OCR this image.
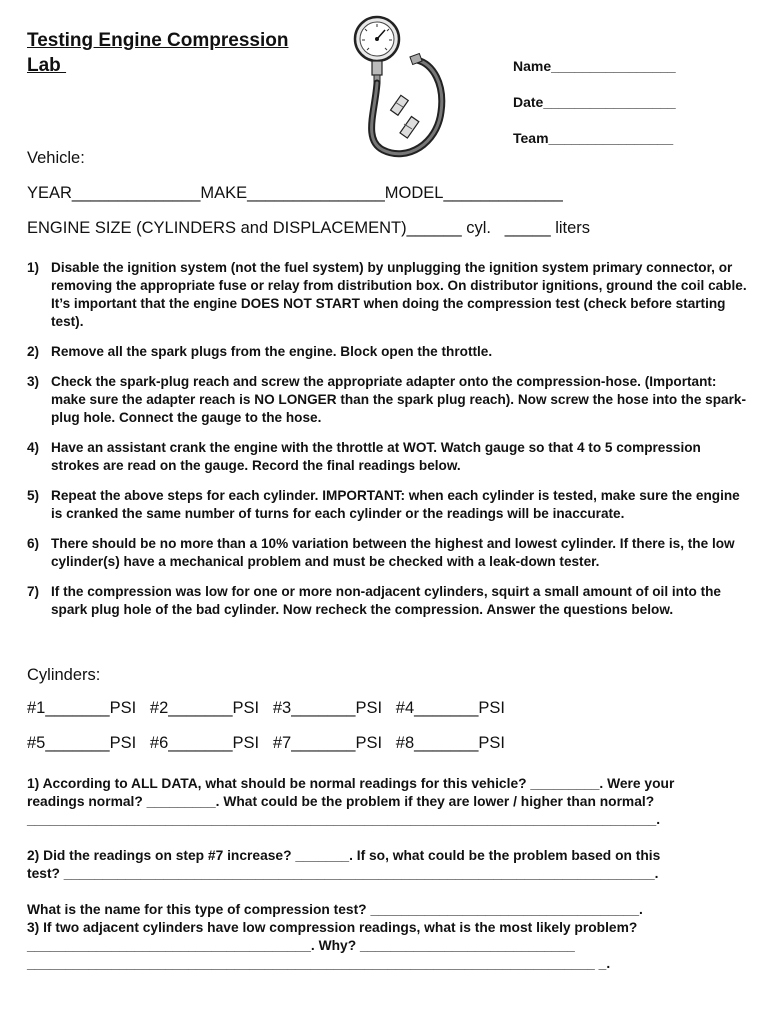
Testing Engine Compression
Lab	Name________________
Date_________________
Team________________
Vehicle:
YEAR______________MAKE_______________MODEL_____________
ENGINE SIZE (CYLINDERS and DISPLACEMENT)______ cyl.   _____ liters
1) Disable the ignition system (not the fuel system) by unplugging the ignition system primary connector, or removing the appropriate fuse or relay from distribution box. On distributor ignitions, ground the coil cable. It’s important that the engine DOES NOT START when doing the compression test (check before starting test).
2) Remove all the spark plugs from the engine. Block open the throttle.
3) Check the spark-plug reach and screw the appropriate adapter onto the compression-hose. (Important: make sure the adapter reach is NO LONGER than the spark plug reach). Now screw the hose into the spark-plug hole. Connect the gauge to the hose.
4) Have an assistant crank the engine with the throttle at WOT. Watch gauge so that 4 to 5 compression strokes are read on the gauge. Record the final readings below.
5) Repeat the above steps for each cylinder. IMPORTANT: when each cylinder is tested, make sure the engine is cranked the same number of turns for each cylinder or the readings will be inaccurate.
6) There should be no more than a 10% variation between the highest and lowest cylinder. If there is, the low cylinder(s) have a mechanical problem and must be checked with a leak-down tester.
7) If the compression was low for one or more non-adjacent cylinders, squirt a small amount of oil into the spark plug hole of the bad cylinder. Now recheck the compression. Answer the questions below.
Cylinders:
#1_______PSI   #2_______PSI   #3_______PSI   #4_______PSI
#5_______PSI   #6_______PSI   #7_______PSI   #8_______PSI
1) According to ALL DATA, what should be normal readings for this vehicle? _________. Were your
readings normal? _________. What could be the problem if they are lower / higher than normal?
__________________________________________________________________________________.
2) Did the readings on step #7 increase? _______. If so, what could be the problem based on this
test? _____________________________________________________________________________.
What is the name for this type of compression test? ___________________________________.
3) If two adjacent cylinders have low compression readings, what is the most likely problem?
_____________________________________. Why? ____________________________
__________________________________________________________________________ _.
